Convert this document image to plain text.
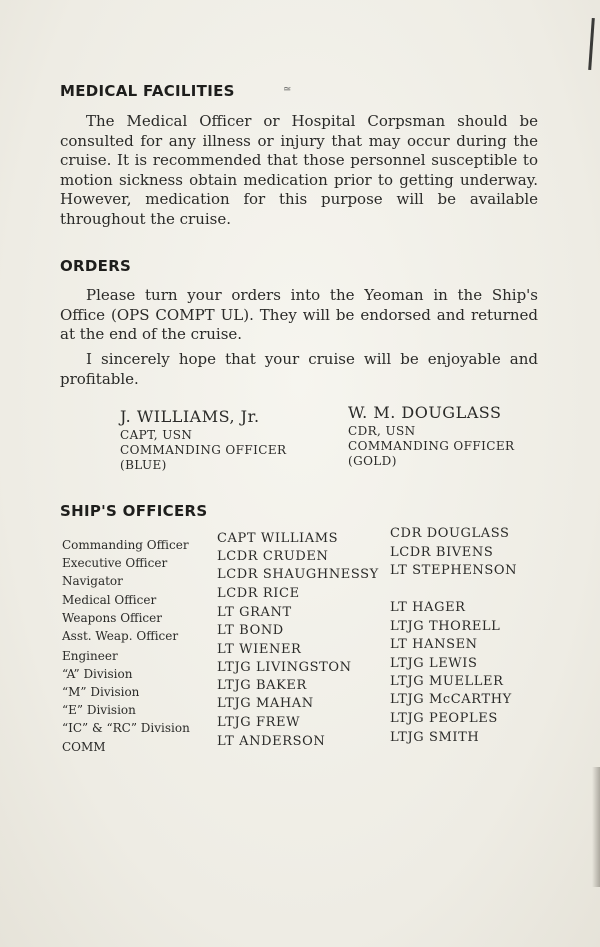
MEDICAL FACILITIES	≃

The Medical Officer or Hospital Corpsman should be consulted for any illness or injury that may occur during the cruise. It is recommended that those personnel susceptible to motion sickness obtain medication prior to getting underway. However, medication for this purpose will be available throughout the cruise.

ORDERS

Please turn your orders into the Yeoman in the Ship's Office (OPS COMPT UL). They will be endorsed and returned at the end of the cruise.

I sincerely hope that your cruise will be enjoyable and profitable.

J. WILLIAMS, Jr.
CAPT, USN
COMMANDING OFFICER
(BLUE)
W. M. DOUGLASS
CDR, USN
COMMANDING OFFICER
(GOLD)
SHIP'S OFFICERS
Commanding Officer
Executive Officer
Navigator
Medical Officer
Weapons Officer
Asst. Weap. Officer
Engineer
“A” Division
“M” Division
“E” Division
“IC” & “RC” Division
COMM
CAPT WILLIAMS
LCDR CRUDEN
LCDR SHAUGHNESSY
LCDR RICE
LT GRANT
LT BOND
LT WIENER
LTJG LIVINGSTON
LTJG BAKER
LTJG MAHAN
LTJG FREW
LT ANDERSON
CDR DOUGLASS
LCDR BIVENS
LT STEPHENSON
LT HAGER
LTJG THORELL
LT HANSEN
LTJG LEWIS
LTJG MUELLER
LTJG McCARTHY
LTJG PEOPLES
LTJG SMITH
